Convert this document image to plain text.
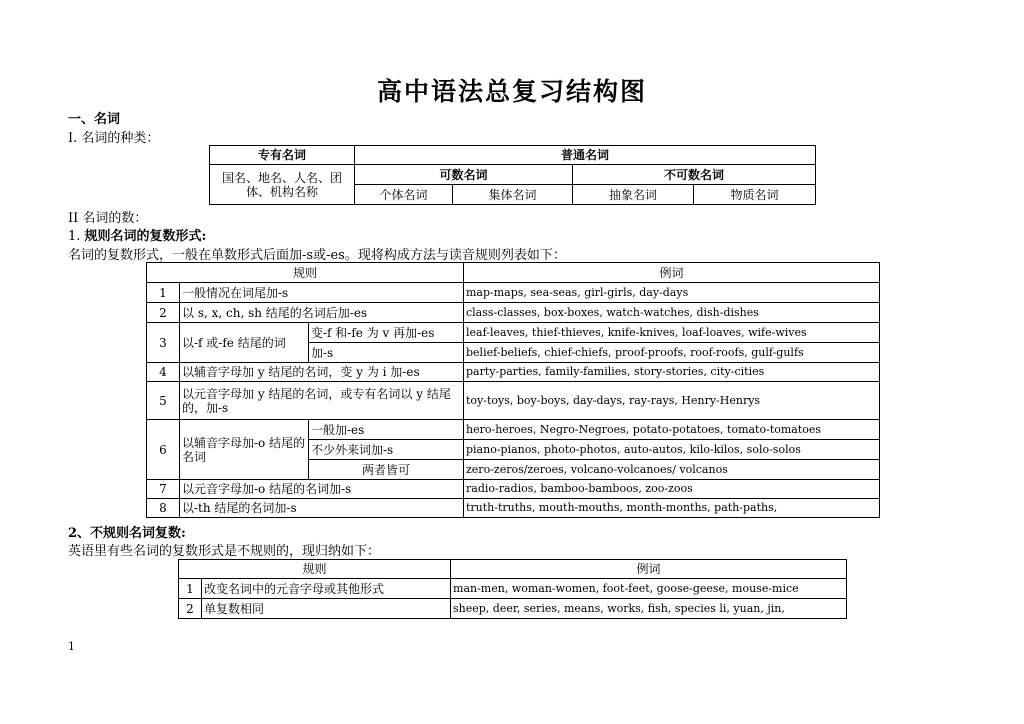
高中语法总复习结构图
一、名词
I. 名词的种类：
专有名词	普通名词			
国名、地名、人名、团体、机构名称	可数名词		不可数名词	
	个体名词	集体名词	抽象名词	物质名词
II 名词的数：
1. 规则名词的复数形式:
名词的复数形式，一般在单数形式后面加-s或-es。现将构成方法与读音规则列表如下：
规则			例词
1	一般情况在词尾加-s		map-maps, sea-seas, girl-girls, day-days
2	以 s, x, ch, sh 结尾的名词后加-es		class-classes, box-boxes, watch-watches, dish-dishes
3	以-f 或-fe 结尾的词	变-f 和-fe 为 v 再加-es	leaf-leaves, thief-thieves, knife-knives, loaf-loaves, wife-wives
		加-s	belief-beliefs, chief-chiefs, proof-proofs, roof-roofs, gulf-gulfs
4	以辅音字母加 y 结尾的名词，变 y 为 i 加-es		party-parties, family-families, story-stories, city-cities
5	以元音字母加 y 结尾的名词，或专有名词以 y 结尾的，加-s		toy-toys, boy-boys, day-days, ray-rays, Henry-Henrys
6	以辅音字母加-o 结尾的名词	一般加-es	hero-heroes, Negro-Negroes, potato-potatoes, tomato-tomatoes
		不少外来词加-s	piano-pianos, photo-photos, auto-autos, kilo-kilos, solo-solos
		两者皆可	zero-zeros/zeroes, volcano-volcanoes/ volcanos
7	以元音字母加-o 结尾的名词加-s		radio-radios, bamboo-bamboos, zoo-zoos
8	以-th 结尾的名词加-s		truth-truths, mouth-mouths, month-months, path-paths,
2、不规则名词复数:
英语里有些名词的复数形式是不规则的，现归纳如下：
规则		例词
1	改变名词中的元音字母或其他形式	man-men, woman-women, foot-feet, goose-geese, mouse-mice
2	单复数相同	sheep, deer, series, means, works, fish, species li, yuan, jin,
1
